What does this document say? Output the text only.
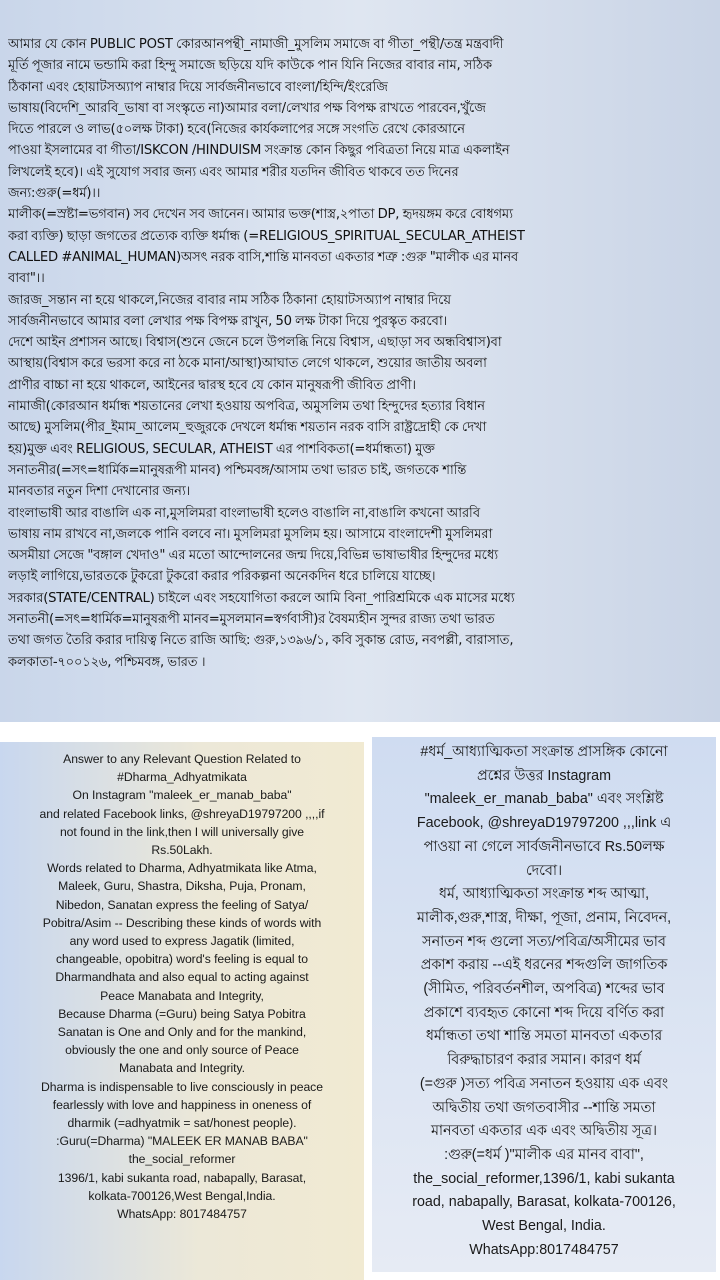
আমার যে কোন PUBLIC POST কোরআনপন্থী_নামাজী_মুসলিম সমাজে বা গীতা_পন্থী/তন্ত্র মন্ত্রবাদী
মূর্তি পূজার নামে ভন্ডামি করা হিন্দু সমাজে ছড়িয়ে যদি কাউকে পান যিনি নিজের বাবার নাম, সঠিক
ঠিকানা এবং হোয়াটসঅ্যাপ নাম্বার দিয়ে সার্বজনীনভাবে বাংলা/হিন্দি/ইংরেজি
ভাষায়(বিদেশি_আরবি_ভাষা বা সংস্কৃতে না)আমার বলা/লেখার পক্ষ বিপক্ষ রাখতে পারবেন,খুঁজে
দিতে পারলে ও লাভ(৫০লক্ষ টাকা) হবে(নিজের কার্যকলাপের সঙ্গে সংগতি রেখে কোরআনে
পাওয়া ইসলামের বা গীতা/ISKCON /HINDUISM সংক্রান্ত কোন কিছুর পবিত্রতা নিয়ে মাত্র একলাইন
লিখলেই হবে)। এই সুযোগ সবার জন্য এবং আমার শরীর যতদিন জীবিত থাকবে তত দিনের
জন্য:গুরু(=ধর্ম)।।
মালীক(=স্রষ্টা=ভগবান) সব দেখেন সব জানেন। আমার ভক্ত(শাস্ত্র,২পাতা DP, হৃদয়ঙ্গম করে বোধগম্য
করা ব্যক্তি) ছাড়া জগতের প্রত্যেক ব্যক্তি ধর্মান্ধ (=RELIGIOUS_SPIRITUAL_SECULAR_ATHEIST
CALLED #ANIMAL_HUMAN)অসৎ নরক বাসি,শান্তি মানবতা একতার শত্রু :গুরু "মালীক এর মানব
বাবা"।।
জারজ_সন্তান না হয়ে থাকলে,নিজের বাবার নাম সঠিক ঠিকানা হোয়াটসঅ্যাপ নাম্বার দিয়ে
সার্বজনীনভাবে আমার বলা লেখার পক্ষ বিপক্ষ রাখুন, 50 লক্ষ টাকা দিয়ে পুরস্কৃত করবো।
দেশে আইন প্রশাসন আছে। বিশ্বাস(শুনে জেনে চলে উপলব্ধি নিয়ে বিশ্বাস, এছাড়া সব অন্ধবিশ্বাস)বা
আস্থায়(বিশ্বাস করে ভরসা করে না ঠকে মানা/আস্থা)আঘাত লেগে থাকলে, শুয়োর জাতীয় অবলা
প্রাণীর বাচ্চা না হয়ে থাকলে, আইনের দ্বারস্থ হবে যে কোন মানুষরূপী জীবিত প্রাণী।
নামাজী(কোরআন ধর্মান্ধ শয়তানের লেখা হওয়ায় অপবিত্র, অমুসলিম তথা হিন্দুদের হত্যার বিধান
আছে) মুসলিম(পীর_ইমাম_আলেম_হুজুরকে দেখলে ধর্মান্ধ শয়তান নরক বাসি রাষ্ট্রদ্রোহী কে দেখা
হয়)মুক্ত এবং RELIGIOUS, SECULAR, ATHEIST এর পাশবিকতা(=ধর্মান্ধতা) মুক্ত
সনাতনীর(=সৎ=ধার্মিক=মানুষরূপী মানব) পশ্চিমবঙ্গ/আসাম তথা ভারত চাই, জগতকে শান্তি
মানবতার নতুন দিশা দেখানোর জন্য।
বাংলাভাষী আর বাঙালি এক না,মুসলিমরা বাংলাভাষী হলেও বাঙালি না,বাঙালি কখনো আরবি
ভাষায় নাম রাখবে না,জলকে পানি বলবে না। মুসলিমরা মুসলিম হয়। আসামে বাংলাদেশী মুসলিমরা
অসমীয়া সেজে "বঙ্গাল খেদাও" এর মতো আন্দোলনের জন্ম দিয়ে,বিভিন্ন ভাষাভাষীর হিন্দুদের মধ্যে
লড়াই লাগিয়ে,ভারতকে টুকরো টুকরো করার পরিকল্পনা অনেকদিন ধরে চালিয়ে যাচ্ছে।
সরকার(STATE/CENTRAL) চাইলে এবং সহযোগিতা করলে আমি বিনা_পারিশ্রমিকে এক মাসের মধ্যে
সনাতনী(=সৎ=ধার্মিক=মানুষরূপী মানব=মুসলমান=স্বর্গবাসী)র বৈষম্যহীন সুন্দর রাজ্য তথা ভারত
তথা জগত তৈরি করার দায়িত্ব নিতে রাজি আছি: গুরু,১৩৯৬/১, কবি সুকান্ত রোড, নবপল্লী, বারাসাত,
কলকাতা-৭০০১২৬, পশ্চিমবঙ্গ, ভারত ।

Answer to any Relevant Question Related to
#Dharma_Adhyatmikata
On Instagram "maleek_er_manab_baba"
and related Facebook links, @shreyaD19797200 ,,,,if
not found in the link,then I will universally give
Rs.50Lakh.
Words related to Dharma, Adhyatmikata like Atma,
Maleek, Guru, Shastra, Diksha, Puja, Pronam,
Nibedon, Sanatan express the feeling of Satya/
Pobitra/Asim -- Describing these kinds of words with
any word used to express Jagatik (limited,
changeable, opobitra) word's feeling is equal to
Dharmandhata and also equal to acting against
Peace Manabata and Integrity,
Because Dharma (=Guru) being Satya Pobitra
Sanatan is One and Only and for the mankind,
obviously the one and only source of Peace
Manabata and Integrity.
Dharma is indispensable to live consciously in peace
fearlessly with love and happiness in oneness of
dharmik (=adhyatmik = sat/honest people).
:Guru(=Dharma) "MALEEK ER MANAB BABA"
the_social_reformer
1396/1, kabi sukanta road, nabapally, Barasat,
kolkata-700126,West Bengal,India.
WhatsApp: 8017484757

#ধর্ম_আধ্যাত্মিকতা সংক্রান্ত প্রাসঙ্গিক কোনো
প্রশ্নের উত্তর Instagram
"maleek_er_manab_baba" এবং সংশ্লিষ্ট
Facebook, @shreyaD19797200 ,,,link এ
পাওয়া না গেলে সার্বজনীনভাবে Rs.50লক্ষ
দেবো।
ধর্ম, আধ্যাত্মিকতা সংক্রান্ত শব্দ আত্মা,
মালীক,গুরু,শাস্ত্র, দীক্ষা, পূজা, প্রনাম, নিবেদন,
সনাতন শব্দ গুলো সত্য/পবিত্র/অসীমের ভাব
প্রকাশ করায় --এই ধরনের শব্দগুলি জাগতিক
(সীমিত, পরিবর্তনশীল, অপবিত্র) শব্দের ভাব
প্রকাশে ব্যবহৃত কোনো শব্দ দিয়ে বর্ণিত করা
ধর্মান্ধতা তথা শান্তি সমতা মানবতা একতার
বিরুদ্ধাচারণ করার সমান। কারণ ধর্ম
(=গুরু )সত্য পবিত্র সনাতন হওয়ায় এক এবং
অদ্বিতীয় তথা জগতবাসীর --শান্তি সমতা
মানবতা একতার এক এবং অদ্বিতীয় সূত্র।
:গুরু(=ধর্ম )"মালীক এর মানব বাবা",
the_social_reformer,1396/1, kabi sukanta
road, nabapally, Barasat, kolkata-700126,
West Bengal, India.
WhatsApp:8017484757
